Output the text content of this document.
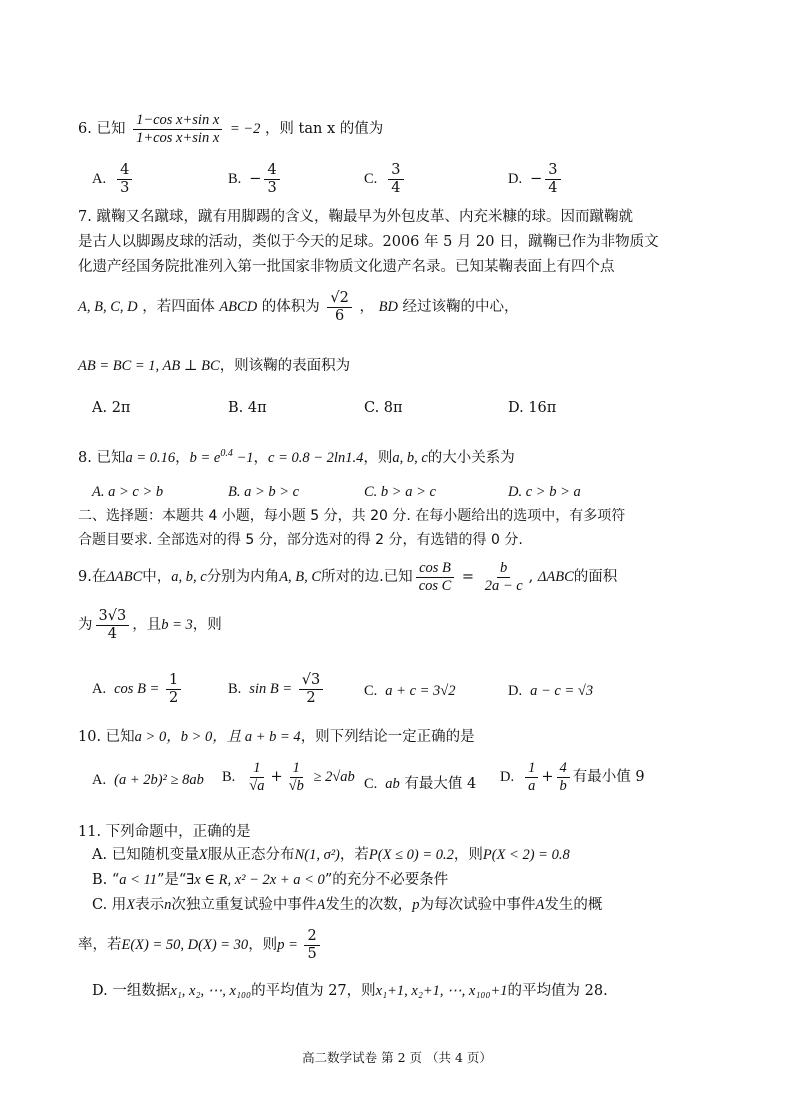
6. 已知 $\frac{\text{1−cos x+sin x}}{\text{1+cos x+sin x}} = -2$ ，则 tan x 的值为
A. $\frac{4}{3}$	B. − $\frac{4}{3}$	C. $\frac{3}{4}$	D. − $\frac{3}{4}$
7. 蹴鞠又名蹴球，蹴有用脚踢的含义，鞠最早为外包皮革、内充米糠的球。因而蹴鞠就
是古人以脚踢皮球的活动，类似于今天的足球。2006 年 5 月 20 日，蹴鞠已作为非物质文
化遗产经国务院批准列入第一批国家非物质文化遗产名录。已知某鞠表面上有四个点
A, B, C, D ，若四面体 ABCD 的体积为 $\frac{√2}{6}$ ， BD 经过该鞠的中心，
AB = BC = 1, AB ⊥ BC，则该鞠的表面积为
A. 2π	B. 4π	C. 8π	D. 16π
8. 已知a = 0.16，$b = e^{0.4} -1$，c = 0.8 − 2ln1.4，则a, b, c的大小关系为
A. a > c > b	B. a > b > c	C. b > a > c	D. c > b > a
二、选择题：本题共 4 小题，每小题 5 分，共 20 分. 在每小题给出的选项中，有多项符
合题目要求. 全部选对的得 5 分，部分选对的得 2 分，有选错的得 0 分.
9.在ΔABC中，a, b, c分别为内角A, B, C所对的边.已知 $\frac{\text{cos B}}{\text{cos C}} = \frac{b}{2a - c}$ , ΔABC的面积
为 $\frac{3√3}{4}$ ，且b = 3，则
A. $\cos B = \frac{1}{2}$	B. $\sin B = \frac{√3}{2}$	C. a + c = 3√2	D. a − c = √3
10. 已知a > 0，b > 0，且 a + b = 4，则下列结论一定正确的是
A. (a + 2b)² ≥ 8ab B. $\frac{1}{√a} + \frac{1}{√b} \ge 2√ab$ C. ab 有最大值 4 D. $\frac{1}{a} + \frac{4}{b}$ 有最小值 9
11. 下列命题中，正确的是
A. 已知随机变量X服从正态分布N(1, σ²)，若P(X ≤ 0) = 0.2，则P(X < 2) = 0.8
B. “a < 11”是“∃x ∈ R, x² − 2x + a < 0”的充分不必要条件
C. 用X表示n次独立重复试验中事件A发生的次数，p为每次试验中事件A发生的概
率，若E(X) = 50, D(X) = 30，则$p = \frac{2}{5}$
D. 一组数据x₁, x₂, ⋯, x₁₀₀的平均值为 27，则x₁+1, x₂+1, ⋯, x₁₀₀+1的平均值为 28.
高二数学试卷 第 2 页 （共 4 页）
